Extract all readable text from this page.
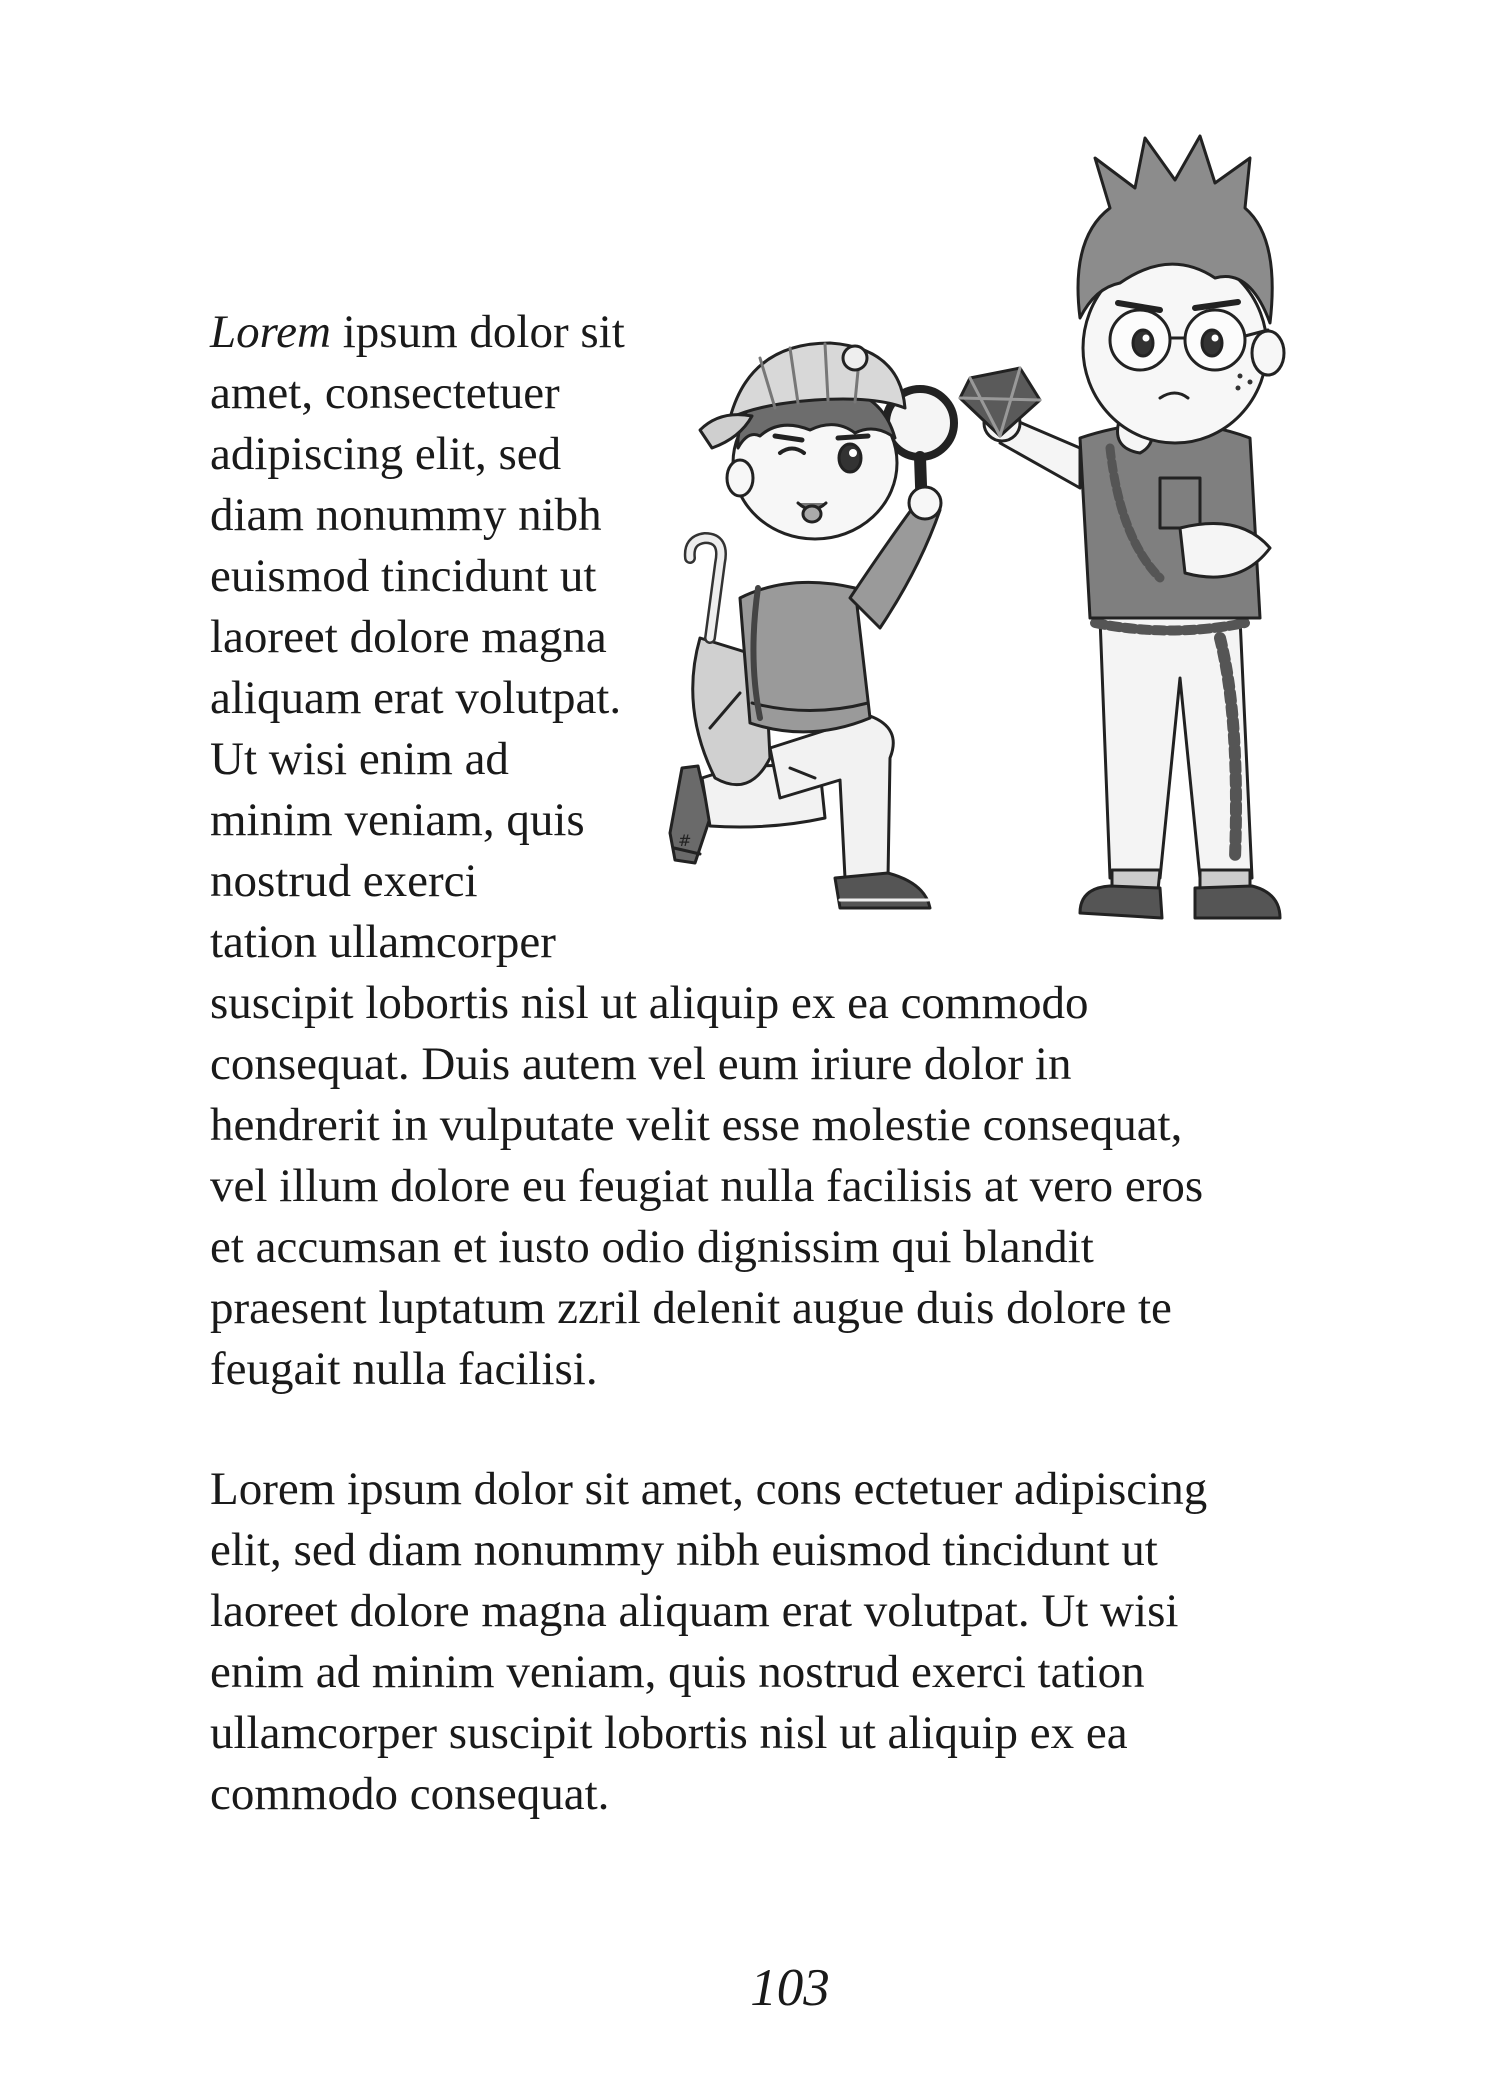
Lorem ipsum dolor sit
amet, consectetuer
adipiscing elit, sed
diam nonummy nibh
euismod tincidunt ut
laoreet dolore magna
aliquam erat volutpat.
Ut wisi enim ad
minim veniam, quis
nostrud exerci
tation ullamcorper
suscipit lobortis nisl ut aliquip ex ea commodo
consequat. Duis autem vel eum iriure dolor in
hendrerit in vulputate velit esse molestie consequat,
vel illum dolore eu feugiat nulla facilisis at vero eros
et accumsan et iusto odio dignissim qui blandit
praesent luptatum zzril delenit augue duis dolore te
feugait nulla facilisi.
Lorem ipsum dolor sit amet, cons ectetuer adipiscing
elit, sed diam nonummy nibh euismod tincidunt ut
laoreet dolore magna aliquam erat volutpat. Ut wisi
enim ad minim veniam, quis nostrud exerci tation
ullamcorper suscipit lobortis nisl ut aliquip ex ea
commodo consequat.
#
103
